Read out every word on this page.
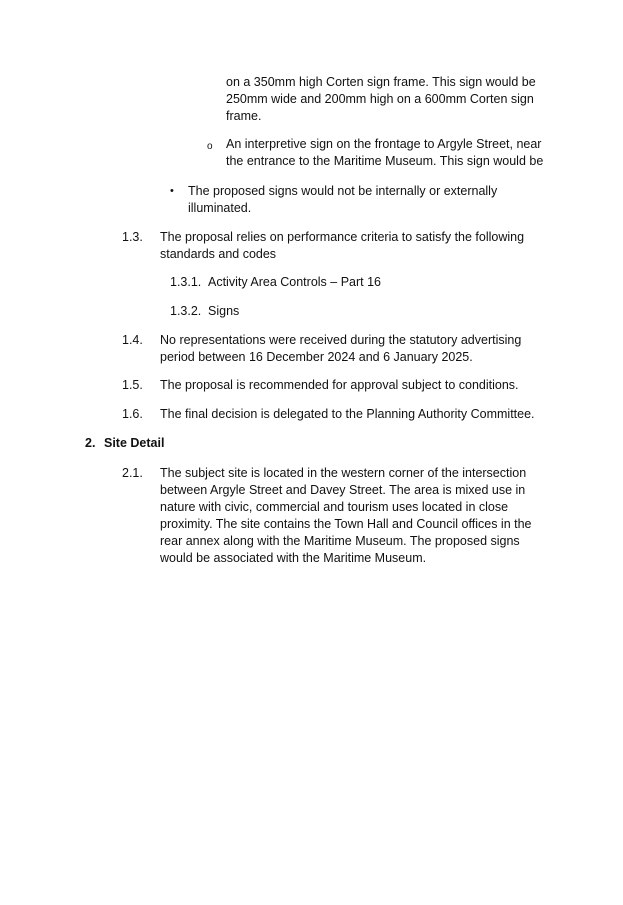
on a 350mm high Corten sign frame. This sign would be
250mm wide and 200mm high on a 600mm Corten sign
frame.
o An interpretive sign on the frontage to Argyle Street, near
the entrance to the Maritime Museum. This sign would be
• The proposed signs would not be internally or externally
illuminated.
1.3. The proposal relies on performance criteria to satisfy the following
standards and codes
1.3.1. Activity Area Controls – Part 16
1.3.2. Signs
1.4. No representations were received during the statutory advertising
period between 16 December 2024 and 6 January 2025.
1.5. The proposal is recommended for approval subject to conditions.
1.6. The final decision is delegated to the Planning Authority Committee.
2. Site Detail
2.1. The subject site is located in the western corner of the intersection
between Argyle Street and Davey Street. The area is mixed use in
nature with civic, commercial and tourism uses located in close
proximity. The site contains the Town Hall and Council offices in the
rear annex along with the Maritime Museum. The proposed signs
would be associated with the Maritime Museum.
